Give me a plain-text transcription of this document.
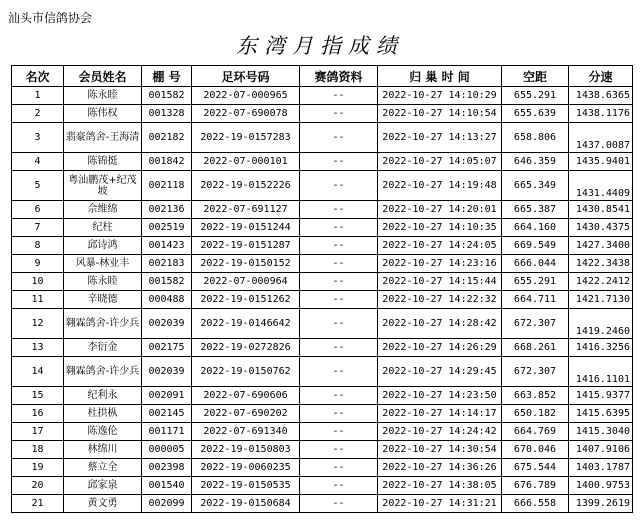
汕头市信鸽协会
东湾月指成绩
名次	会员姓名	棚 号	足环号码	赛鸽资料	归 巢 时 间	空距	分速
1	陈永睦	001582	2022-07-000965	--	2022-10-27 14:10:29	655.291	1438.6365
2	陈伟权	001328	2022-07-690078	--	2022-10-27 14:10:54	655.639	1438.1176
3	翡豪鸽舍-王海清	002182	2022-19-0157283	--	2022-10-27 14:13:27	658.806	1437.0087
4	陈锦挺	001842	2022-07-000101	--	2022-10-27 14:05:07	646.359	1435.9401
5	粤汕鹏茂+纪茂坡	002118	2022-19-0152226	--	2022-10-27 14:19:48	665.349	1431.4409
6	佘维绵	002136	2022-07-691127	--	2022-10-27 14:20:01	665.387	1430.8541
7	纪柱	002519	2022-19-0151244	--	2022-10-27 14:10:35	664.160	1430.4375
8	邱诗鸿	001423	2022-19-0151287	--	2022-10-27 14:24:05	669.549	1427.3400
9	风暴-林业丰	002183	2022-19-0150152	--	2022-10-27 14:23:16	666.044	1422.3438
10	陈永睦	001582	2022-07-000964	--	2022-10-27 14:15:44	655.291	1422.2412
11	辛晓德	000488	2022-19-0151262	--	2022-10-27 14:22:32	664.711	1421.7130
12	翱霖鸽舍-许少兵	002039	2022-19-0146642	--	2022-10-27 14:28:42	672.307	1419.2460
13	李衍金	002175	2022-19-0272826	--	2022-10-27 14:26:29	668.261	1416.3256
14	翱霖鸽舍-许少兵	002039	2022-19-0150762	--	2022-10-27 14:29:45	672.307	1416.1101
15	纪利永	002091	2022-07-690606	--	2022-10-27 14:23:50	663.852	1415.9377
16	杜拱枞	002145	2022-07-690202	--	2022-10-27 14:14:17	650.182	1415.6395
17	陈逸伦	001171	2022-07-691340	--	2022-10-27 14:24:42	664.769	1415.3040
18	林绵川	000005	2022-19-0150803	--	2022-10-27 14:30:54	670.046	1407.9106
19	蔡立全	002398	2022-19-0060235	--	2022-10-27 14:36:26	675.544	1403.1787
20	邱家泉	001540	2022-19-0150535	--	2022-10-27 14:38:05	676.789	1400.9753
21	黄文勇	002099	2022-19-0150684	--	2022-10-27 14:31:21	666.558	1399.2619
